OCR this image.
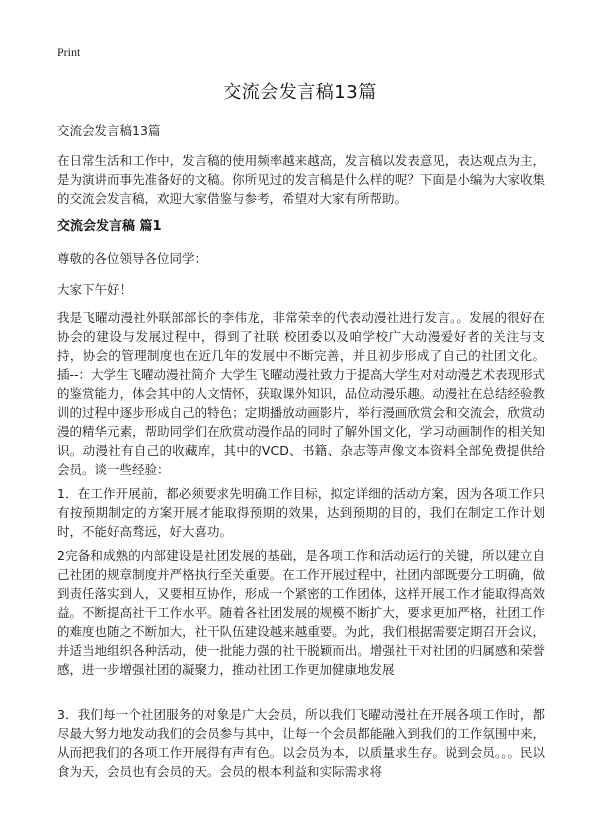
Print
交流会发言稿13篇

交流会发言稿13篇

在日常生活和工作中，发言稿的使用频率越来越高，发言稿以发表意见，表达观点为主，是为演讲而事先准备好的文稿。你所见过的发言稿是什么样的呢？下面是小编为大家收集的交流会发言稿，欢迎大家借鉴与参考，希望对大家有所帮助。

交流会发言稿 篇1

尊敬的各位领导各位同学：

大家下午好！

我是飞曜动漫社外联部部长的李伟龙，非常荣幸的代表动漫社进行发言。。发展的很好在协会的建设与发展过程中，得到了社联 校团委以及咱学校广大动漫爱好者的关注与支持，协会的管理制度也在近几年的发展中不断完善，并且初步形成了自己的社团文化。插--：大学生飞曜动漫社简介 大学生飞曜动漫社致力于提高大学生对对动漫艺术表现形式的鉴赏能力，体会其中的人文情怀，获取课外知识，品位动漫乐趣。动漫社在总结经验教训的过程中逐步形成自己的特色；定期播放动画影片，举行漫画欣赏会和交流会，欣赏动漫的精华元素，帮助同学们在欣赏动漫作品的同时了解外国文化，学习动画制作的相关知识。动漫社有自己的收藏库，其中的VCD、书籍、杂志等声像文本资料全部免费提供给会员。谈一些经验：

1．在工作开展前，都必须要求先明确工作目标，拟定详细的活动方案，因为各项工作只有按预期制定的方案开展才能取得预期的效果，达到预期的目的，我们在制定工作计划时，不能好高骛远，好大喜功。

2完备和成熟的内部建设是社团发展的基础，是各项工作和活动运行的关键，所以建立自己社团的规章制度并严格执行至关重要。在工作开展过程中，社团内部既要分工明确，做到责任落实到人，又要相互协作，形成一个紧密的工作团体，这样开展工作才能取得高效益。不断提高社干工作水平。随着各社团发展的规模不断扩大，要求更加严格，社团工作的难度也随之不断加大，社干队伍建设越来越重要。为此，我们根据需要定期召开会议，并适当地组织各种活动，使一批能力强的社干脱颖而出。增强社干对社团的归属感和荣誉感，进一步增强社团的凝聚力，推动社团工作更加健康地发展

3．我们每一个社团服务的对象是广大会员，所以我们飞曜动漫社在开展各项工作时，都尽最大努力地发动我们的会员参与其中，让每一个会员都能融入到我们的工作氛围中来，从而把我们的各项工作开展得有声有色。以会员为本，以质量求生存。说到会员。。。民以食为天，会员也有会员的天。会员的根本利益和实际需求将
